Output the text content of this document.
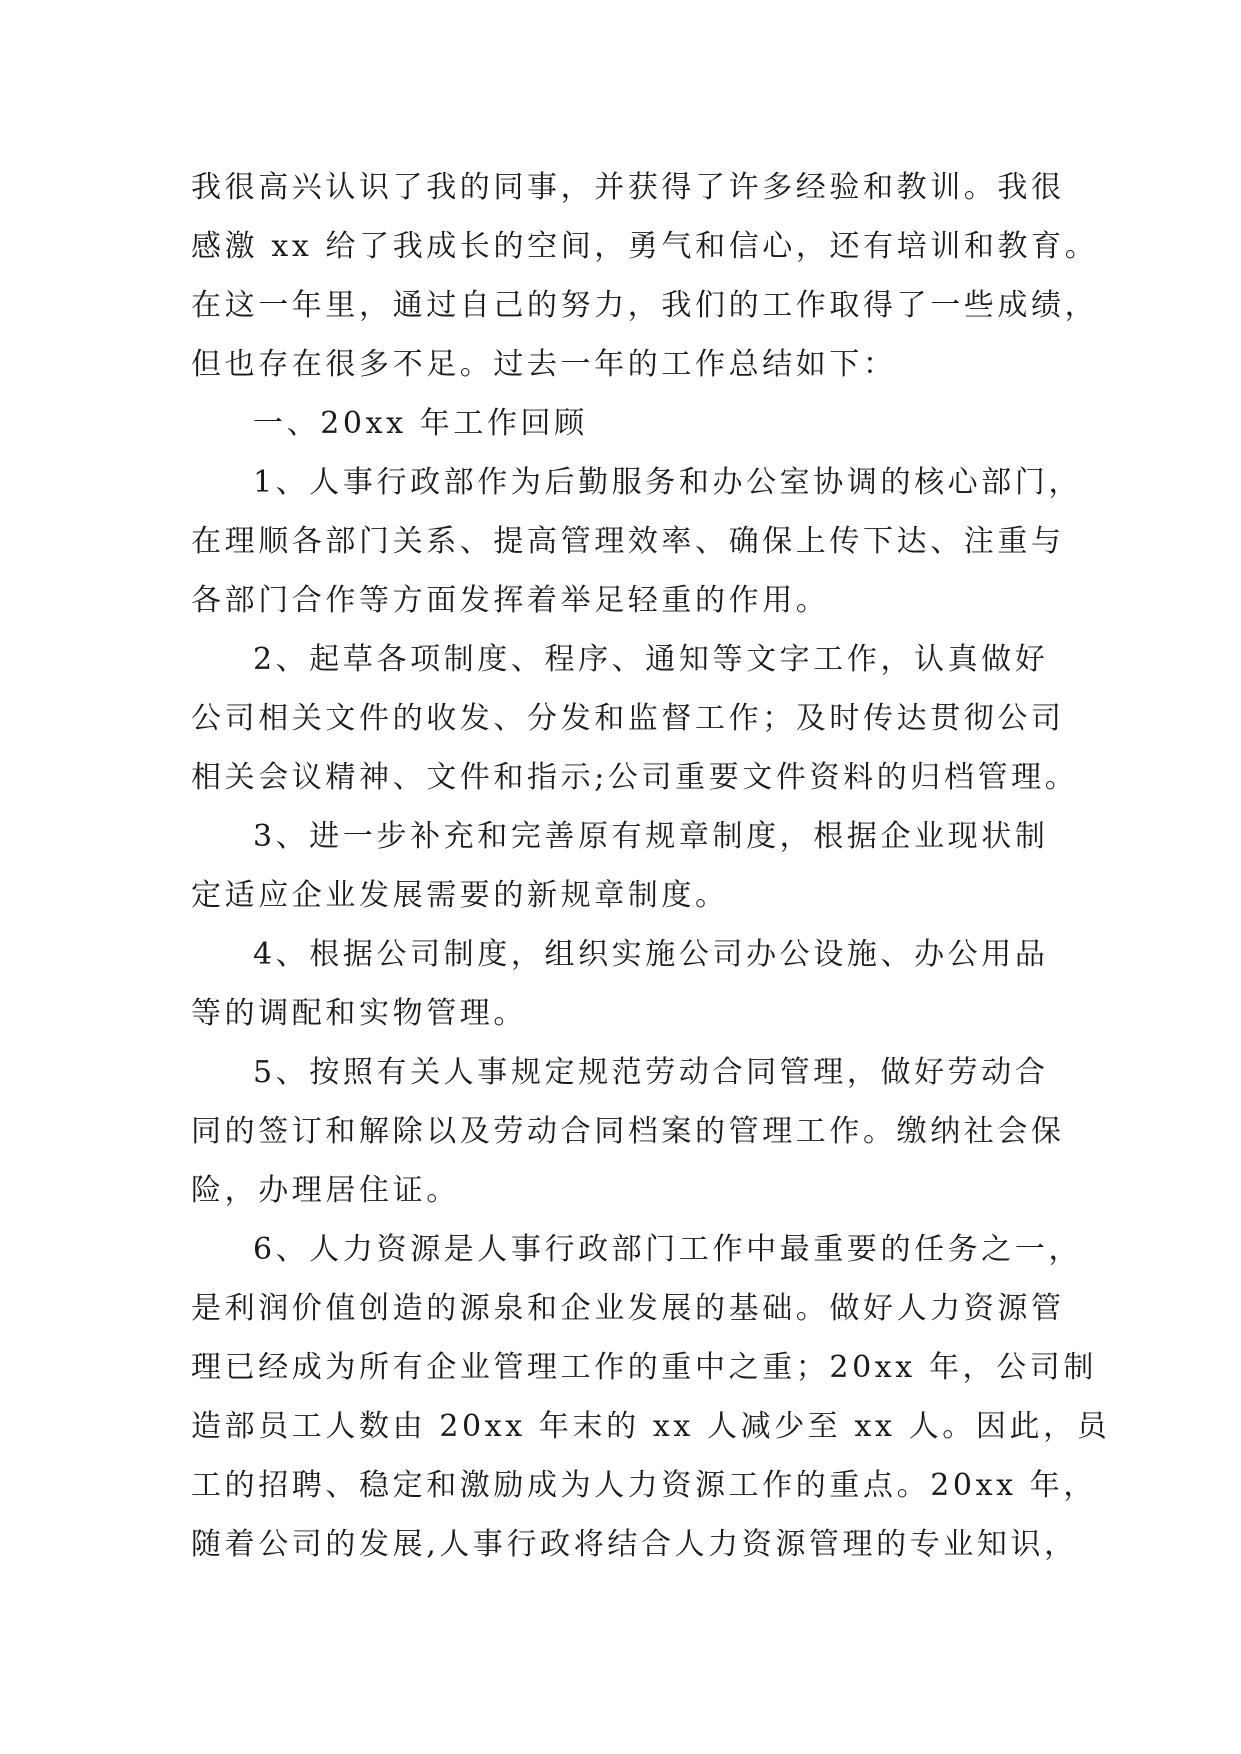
我很高兴认识了我的同事，并获得了许多经验和教训。我很
感激 xx 给了我成长的空间，勇气和信心，还有培训和教育。
在这一年里，通过自己的努力，我们的工作取得了一些成绩，
但也存在很多不足。过去一年的工作总结如下：
一、20xx 年工作回顾
1、人事行政部作为后勤服务和办公室协调的核心部门，
在理顺各部门关系、提高管理效率、确保上传下达、注重与
各部门合作等方面发挥着举足轻重的作用。
2、起草各项制度、程序、通知等文字工作，认真做好
公司相关文件的收发、分发和监督工作；及时传达贯彻公司
相关会议精神、文件和指示;公司重要文件资料的归档管理。
3、进一步补充和完善原有规章制度，根据企业现状制
定适应企业发展需要的新规章制度。
4、根据公司制度，组织实施公司办公设施、办公用品
等的调配和实物管理。
5、按照有关人事规定规范劳动合同管理，做好劳动合
同的签订和解除以及劳动合同档案的管理工作。缴纳社会保
险，办理居住证。
6、人力资源是人事行政部门工作中最重要的任务之一，
是利润价值创造的源泉和企业发展的基础。做好人力资源管
理已经成为所有企业管理工作的重中之重；20xx 年，公司制
造部员工人数由 20xx 年末的 xx 人减少至 xx 人。因此，员
工的招聘、稳定和激励成为人力资源工作的重点。20xx 年，
随着公司的发展,人事行政将结合人力资源管理的专业知识，
